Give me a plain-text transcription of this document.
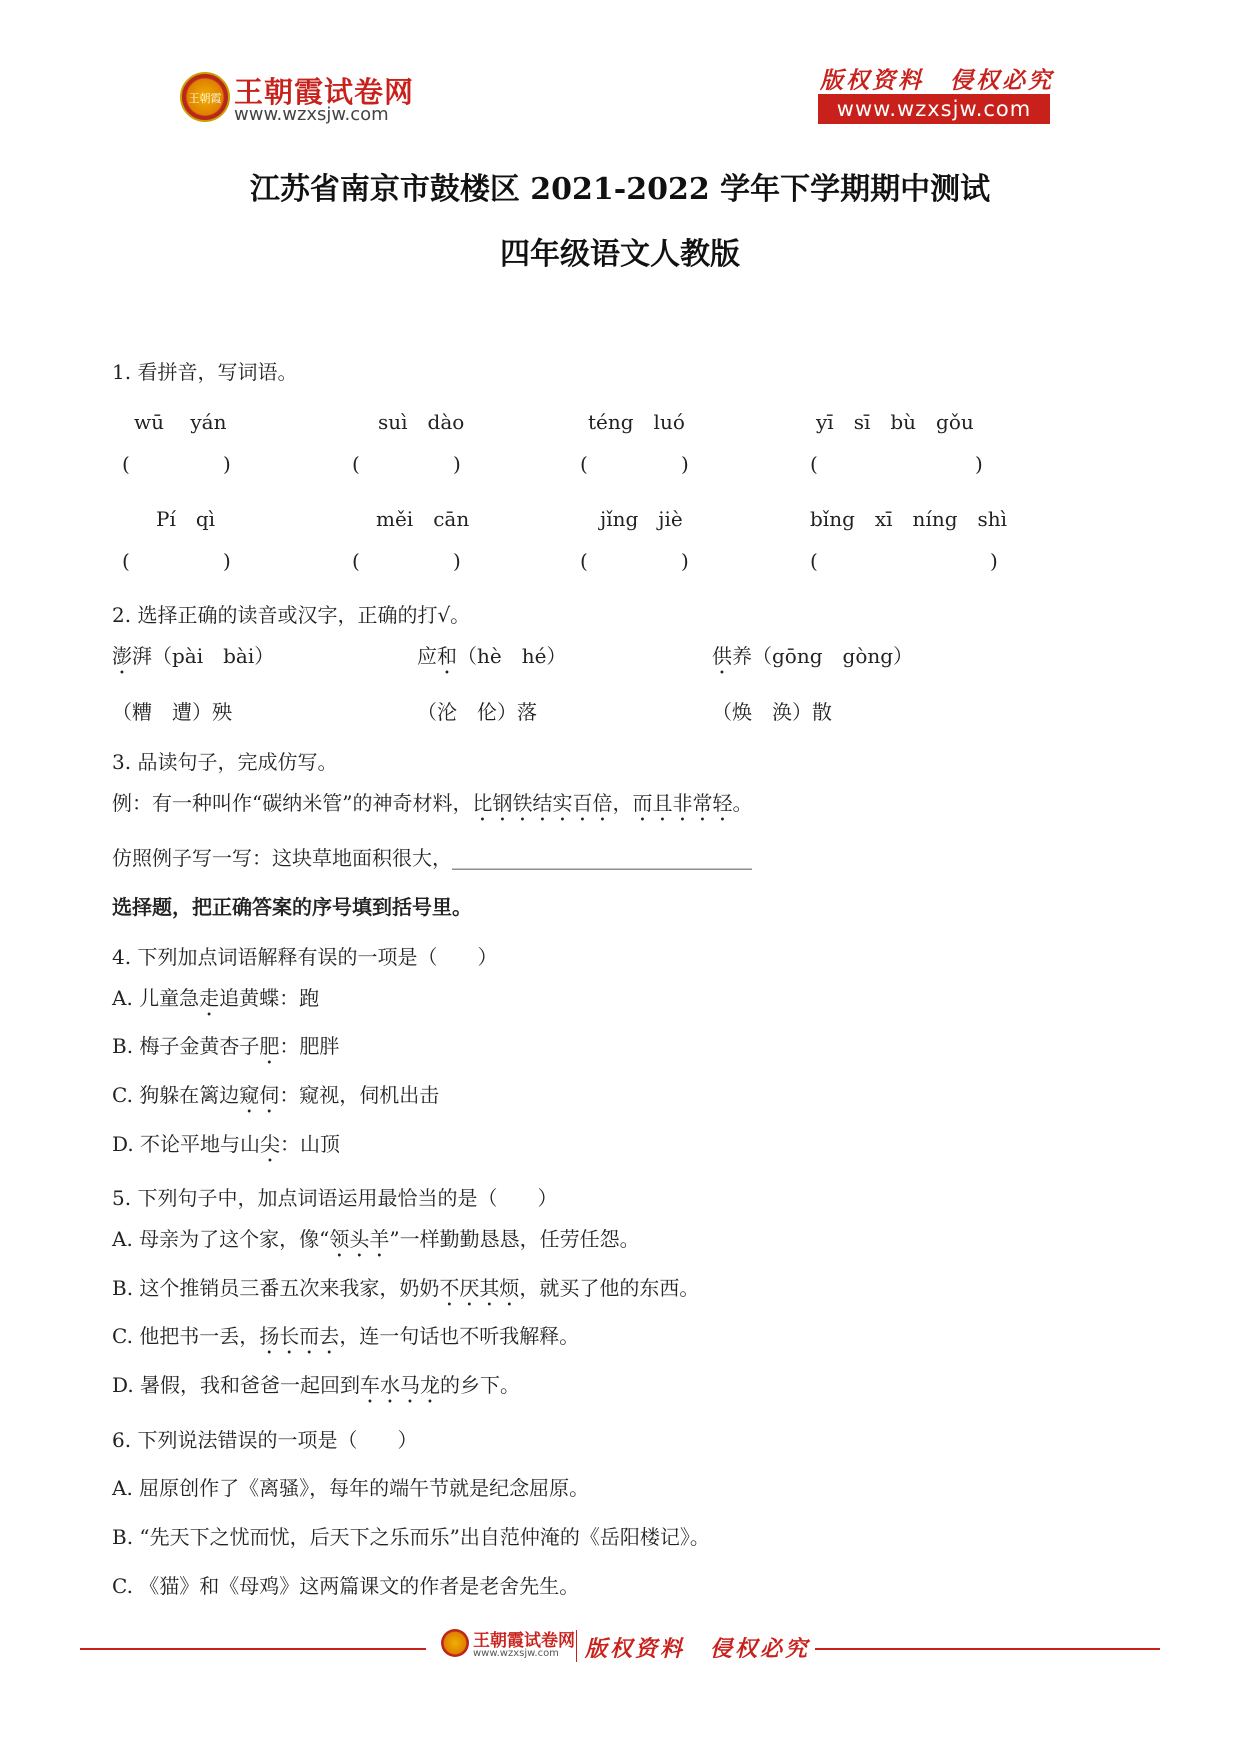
王朝霞 王朝霞试卷网
www.wzxsjw.com
版权资料　侵权必究
www.wzxsjw.com
江苏省南京市鼓楼区 2021-2022 学年下学期期中测试
四年级语文人教版
1. 看拼音，写词语。
wū　 yán	suì　dào	téng　luó	yī　sī　bù　gǒu
(	)	(	)	(	)	(	)
Pí　qì	měi　cān	jǐng　jiè	bǐng　xī　níng　shì
(	)	(	)	(	)	(	)
2. 选择正确的读音或汉字，正确的打√。
澎湃（pài　bài）	应和（hè　hé）	供养（gōng　gòng）
（糟　遭）殃	（沦　伦）落	（焕　涣）散
3. 品读句子，完成仿写。
例：有一种叫作“碳纳米管”的神奇材料，比钢铁结实百倍，而且非常轻。
仿照例子写一写：这块草地面积很大，______________________________
选择题，把正确答案的序号填到括号里。
4. 下列加点词语解释有误的一项是（　　）
A. 儿童急走追黄蝶：跑
B. 梅子金黄杏子肥：肥胖
C. 狗躲在篱边窥伺：窥视，伺机出击
D. 不论平地与山尖：山顶
5. 下列句子中，加点词语运用最恰当的是（　　）
A. 母亲为了这个家，像“领头羊”一样勤勤恳恳，任劳任怨。
B. 这个推销员三番五次来我家，奶奶不厌其烦，就买了他的东西。
C. 他把书一丢，扬长而去，连一句话也不听我解释。
D. 暑假，我和爸爸一起回到车水马龙的乡下。
6. 下列说法错误的一项是（　　）
A. 屈原创作了《离骚》，每年的端午节就是纪念屈原。
B. “先天下之忧而忧，后天下之乐而乐”出自范仲淹的《岳阳楼记》。
C. 《猫》和《母鸡》这两篇课文的作者是老舍先生。
王朝霞试卷网
www.wzxsjw.com 版权资料　侵权必究
